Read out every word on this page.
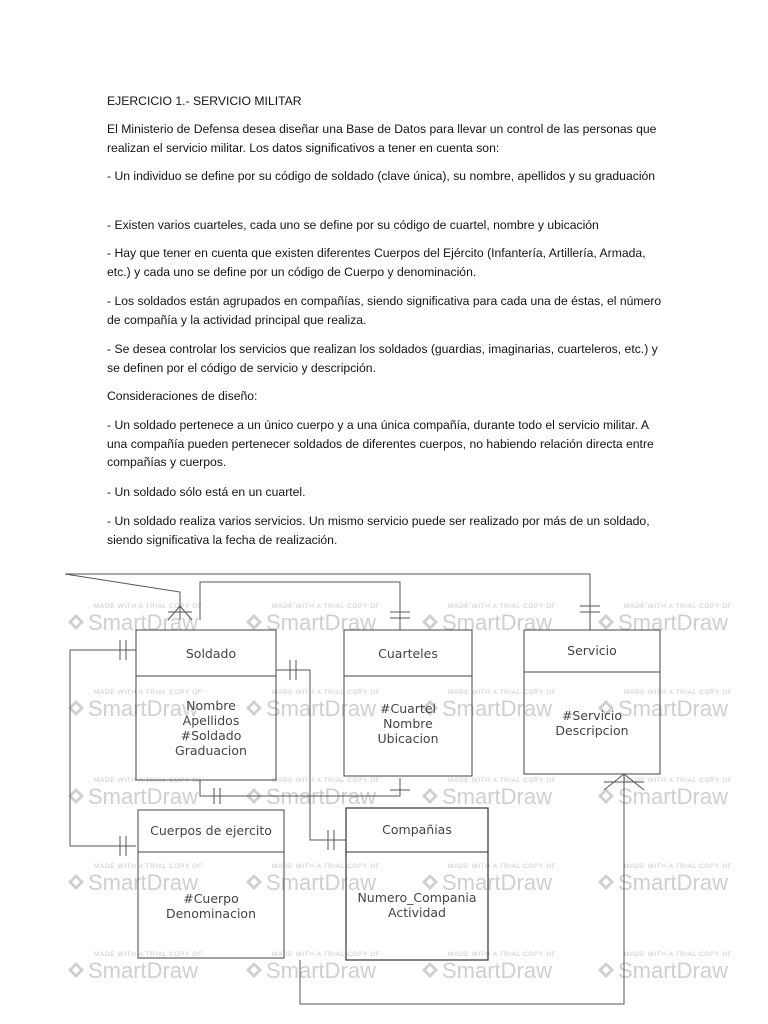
EJERCICIO 1.- SERVICIO MILITAR

El Ministerio de Defensa desea diseñar una Base de Datos para llevar un control de las personas que realizan el servicio militar. Los datos significativos a tener en cuenta son:

- Un individuo se define por su código de soldado (clave única), su nombre, apellidos y su graduación

- Existen varios cuarteles, cada uno se define por su código de cuartel, nombre y ubicación

- Hay que tener en cuenta que existen diferentes Cuerpos del Ejército (Infantería, Artillería, Armada, etc.) y cada uno se define por un código de Cuerpo y denominación.

- Los soldados están agrupados en compañías, siendo significativa para cada una de éstas, el número de compañía y la actividad principal que realiza.

- Se desea controlar los servicios que realizan los soldados (guardias, imaginarias, cuarteleros, etc.) y se definen por el código de servicio y descripción.

Consideraciones de diseño:

- Un soldado pertenece a un único cuerpo y a una única compañía, durante todo el servicio militar. A una compañía pueden pertenecer soldados de diferentes cuerpos, no habiendo relación directa entre compañías y cuerpos.

- Un soldado sólo está en un cuartel.

- Un soldado realiza varios servicios. Un mismo servicio puede ser realizado por más de un soldado, siendo significativa la fecha de realización.

MADE WITH A TRIAL COPY OF
SmartDraw
MADE WITH A TRIAL COPY OF
SmartDraw
MADE WITH A TRIAL COPY OF
SmartDraw
MADE WITH A TRIAL COPY OF
SmartDraw
MADE WITH A TRIAL COPY OF
SmartDraw
MADE WITH A TRIAL COPY OF
SmartDraw
MADE WITH A TRIAL COPY OF
SmartDraw
MADE WITH A TRIAL COPY OF
SmartDraw
MADE WITH A TRIAL COPY OF
SmartDraw
MADE WITH A TRIAL COPY OF
SmartDraw
MADE WITH A TRIAL COPY OF
SmartDraw
MADE WITH A TRIAL COPY OF
SmartDraw
MADE WITH A TRIAL COPY OF
SmartDraw
MADE WITH A TRIAL COPY OF
SmartDraw
MADE WITH A TRIAL COPY OF
SmartDraw
MADE WITH A TRIAL COPY OF
SmartDraw
MADE WITH A TRIAL COPY OF
SmartDraw
MADE WITH A TRIAL COPY OF
SmartDraw
MADE WITH A TRIAL COPY OF
SmartDraw
MADE WITH A TRIAL COPY OF
SmartDraw
Soldado
Nombre
Apellidos
#Soldado
Graduacion
Cuarteles
#Cuartel
Nombre
Ubicacion
Servicio
#Servicio
Descripcion
Cuerpos de ejercito
#Cuerpo
Denominacion
Compañias
Numero_Compania
Actividad
